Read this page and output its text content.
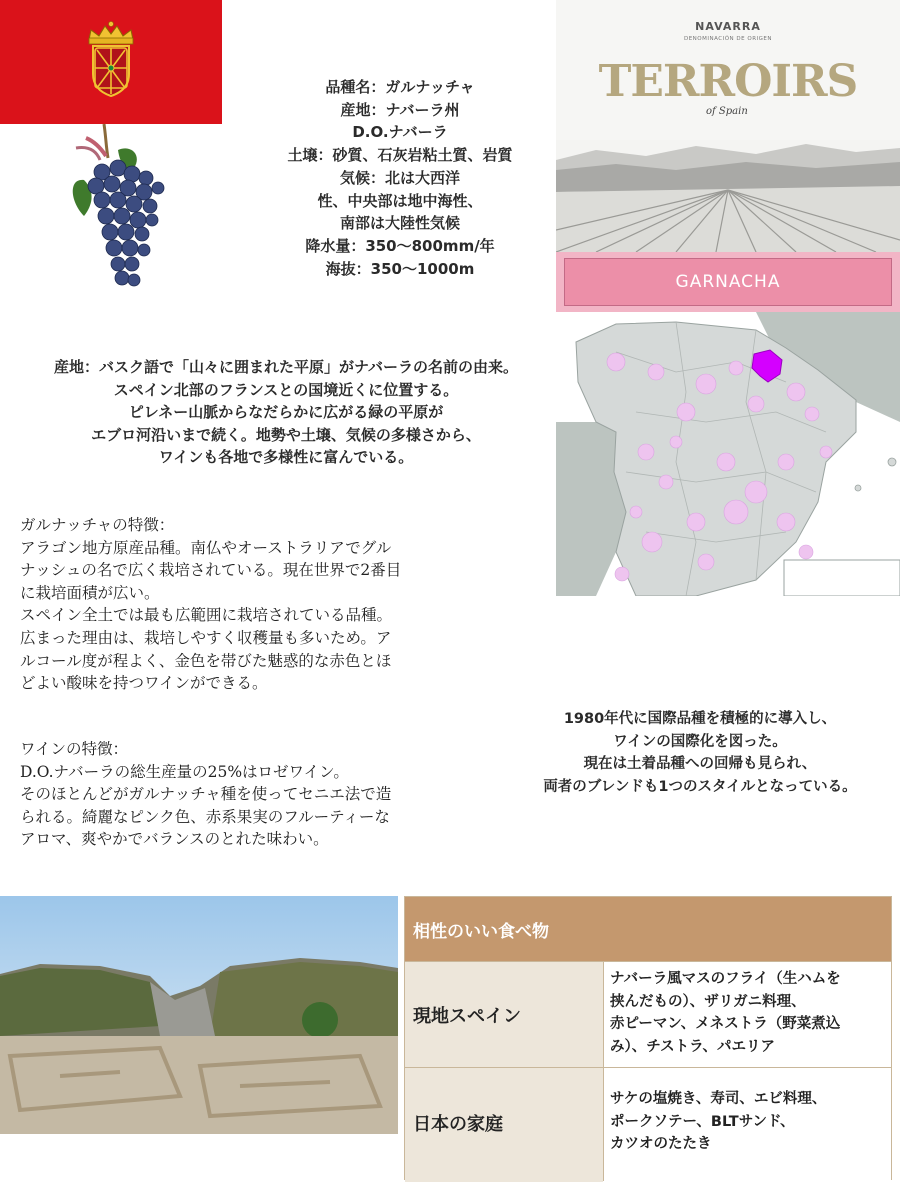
品種名：ガルナッチャ
産地：ナバーラ州
D.O.ナバーラ
土壌：砂質、石灰岩粘土質、岩質
気候：北は大西洋
性、中央部は地中海性、
南部は大陸性気候
降水量：350〜800mm/年
海抜：350〜1000m
NAVARRA
DENOMINACIÓN DE ORIGEN
TERROIRS
of Spain
GARNACHA
産地：バスク語で「山々に囲まれた平原」がナバーラの名前の由来。
スペイン北部のフランスとの国境近くに位置する。
ピレネー山脈からなだらかに広がる緑の平原が
エブロ河沿いまで続く。地勢や土壌、気候の多様さから、
ワインも各地で多様性に富んでいる。
ガルナッチャの特徴：
アラゴン地方原産品種。南仏やオーストラリアでグル
ナッシュの名で広く栽培されている。現在世界で2番目
に栽培面積が広い。
スペイン全土では最も広範囲に栽培されている品種。
広まった理由は、栽培しやすく収穫量も多いため。ア
ルコール度が程よく、金色を帯びた魅惑的な赤色とほ
どよい酸味を持つワインができる。
ワインの特徴：
D.O.ナバーラの総生産量の25%はロゼワイン。
そのほとんどがガルナッチャ種を使ってセニエ法で造
られる。綺麗なピンク色、赤系果実のフルーティーな
アロマ、爽やかでバランスのとれた味わい。
1980年代に国際品種を積極的に導入し、
ワインの国際化を図った。
現在は土着品種への回帰も見られ、
両者のブレンドも1つのスタイルとなっている。
相性のいい食べ物
現地スペイン
ナバーラ風マスのフライ（生ハムを
挟んだもの）、ザリガニ料理、
赤ピーマン、メネストラ（野菜煮込
み）、チストラ、パエリア
日本の家庭
サケの塩焼き、寿司、エビ料理、
ポークソテー、BLTサンド、
カツオのたたき
